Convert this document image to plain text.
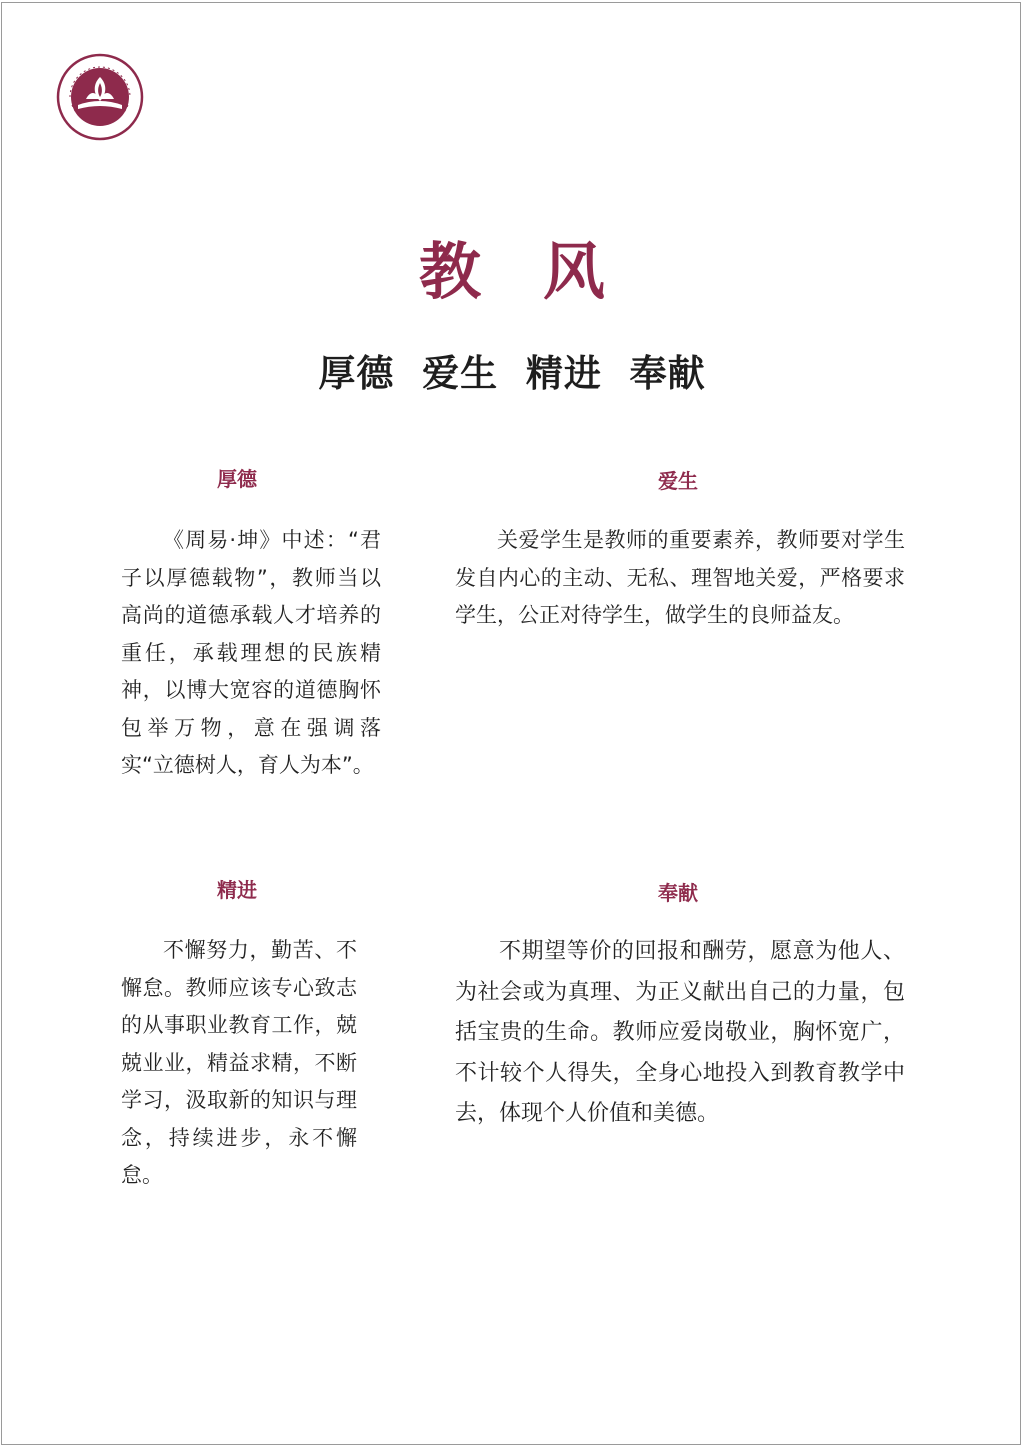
教风
厚德  爱生  精进  奉献
厚德

《周易·坤》中述：“君子以厚德载物”，教师当以高尚的道德承载人才培养的重任，承载理想的民族精神，以博大宽容的道德胸怀包举万物，意在强调落实“立德树人，育人为本”。

爱生

关爱学生是教师的重要素养，教师要对学生发自内心的主动、无私、理智地关爱，严格要求学生，公正对待学生，做学生的良师益友。

精进

不懈努力，勤苦、不懈怠。教师应该专心致志的从事职业教育工作，兢兢业业，精益求精，不断学习，汲取新的知识与理念，持续进步，永不懈怠。

奉献

不期望等价的回报和酬劳，愿意为他人、为社会或为真理、为正义献出自己的力量，包括宝贵的生命。教师应爱岗敬业，胸怀宽广，不计较个人得失，全身心地投入到教育教学中去，体现个人价值和美德。
